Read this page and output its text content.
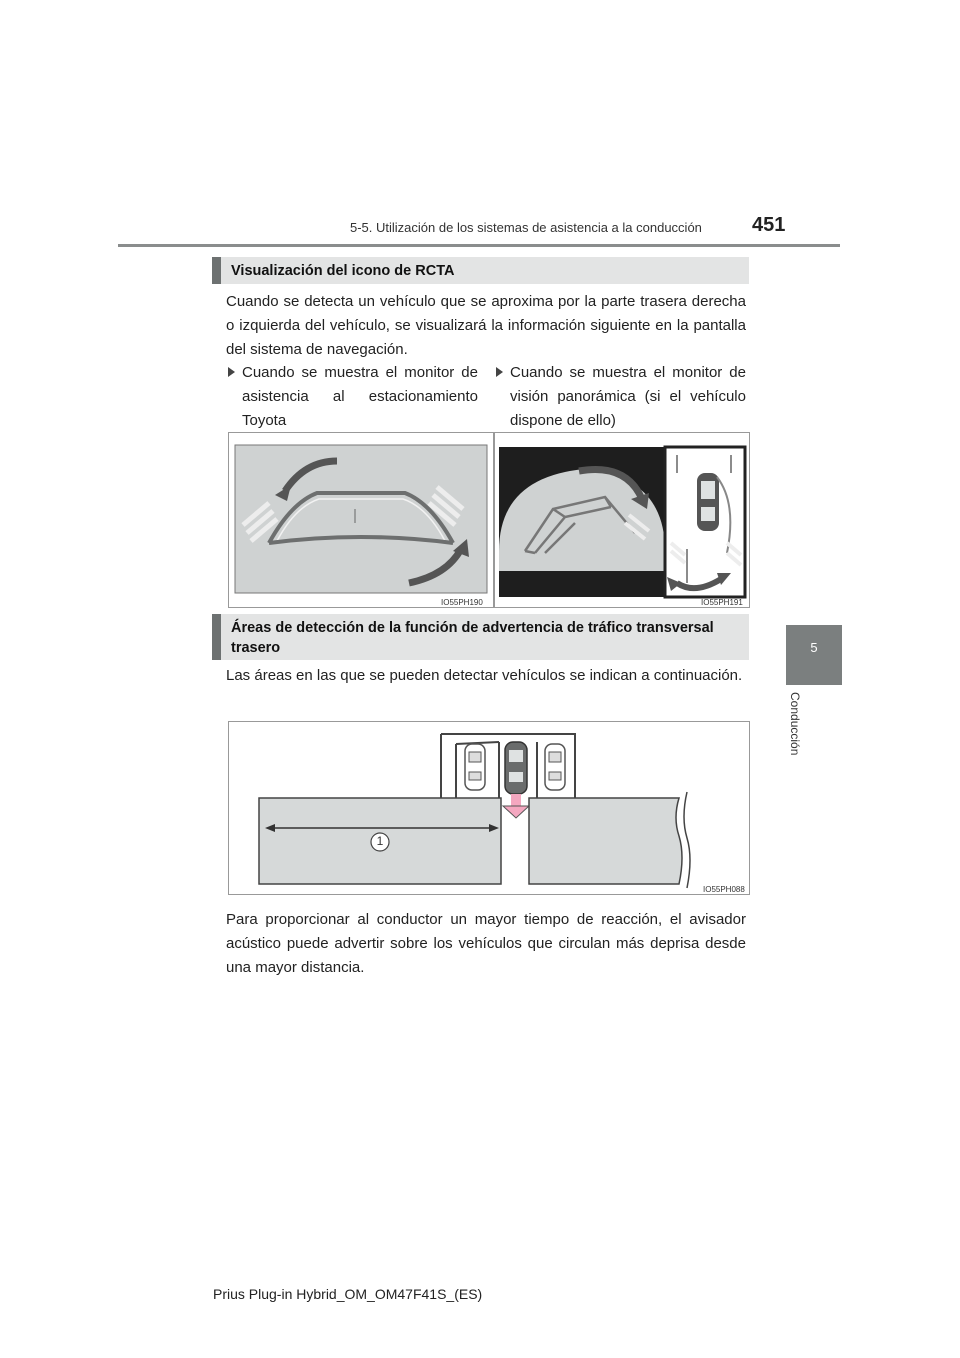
5-5. Utilización de los sistemas de asistencia a la conducción	451
5
Conducción
Visualización del icono de RCTA
Cuando se detecta un vehículo que se aproxima por la parte trasera derecha o izquierda del vehículo, se visualizará la información siguiente en la pantalla del sistema de navegación.
Cuando se muestra el monitor de asistencia al estacionamiento Toyota
Cuando se muestra el monitor de visión panorámica (si el vehículo dispone de ello)
IO55PH190	IO55PH191
Áreas de detección de la función de advertencia de tráfico transversal trasero
Las áreas en las que se pueden detectar vehículos se indican a continuación.
1
IO55PH088
Para proporcionar al conductor un mayor tiempo de reacción, el avisador acústico puede advertir sobre los vehículos que circulan más deprisa desde una mayor distancia.
Prius Plug-in Hybrid_OM_OM47F41S_(ES)
